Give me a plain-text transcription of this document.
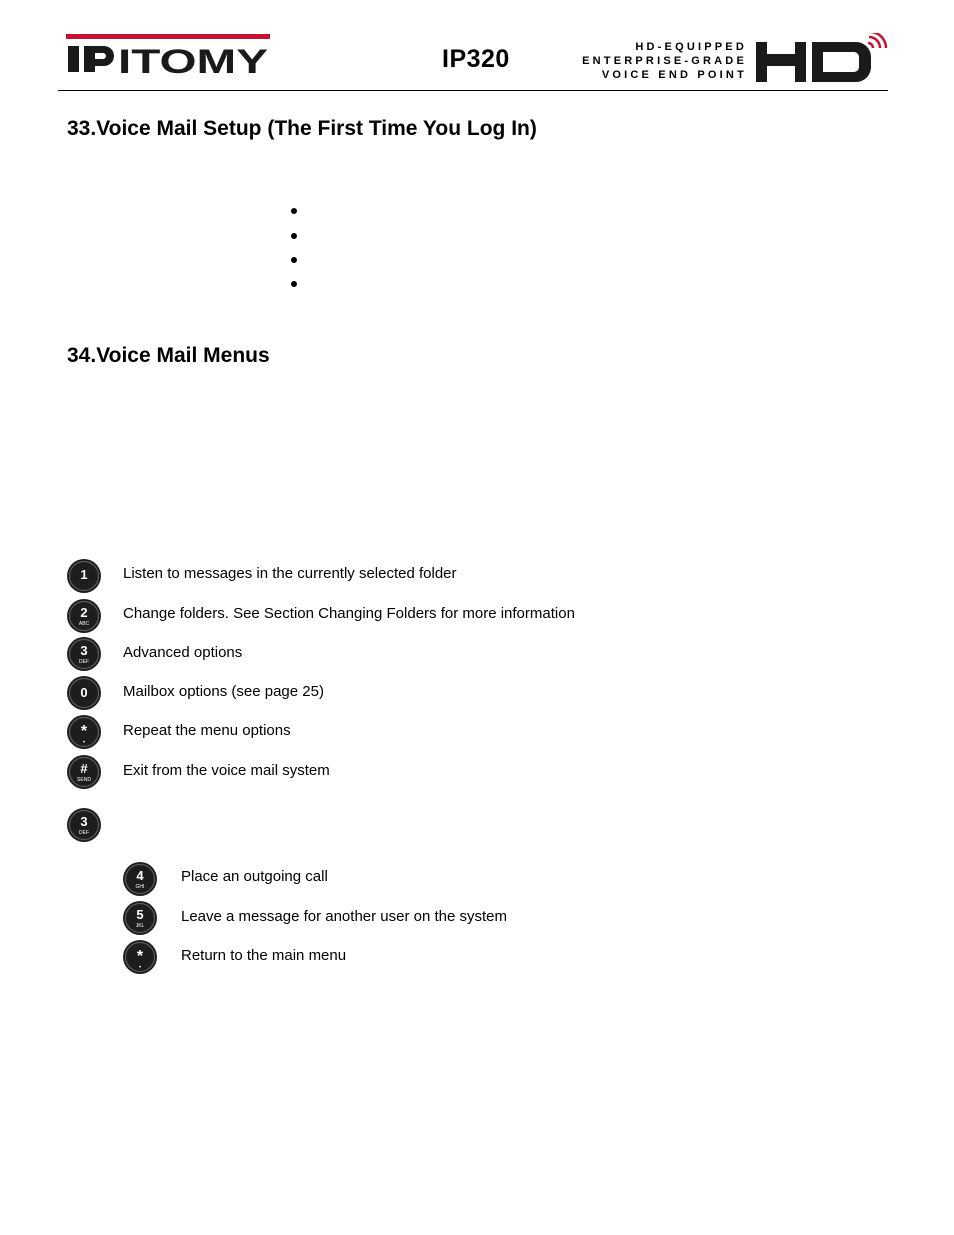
ITOMY	IP320	HD-EQUIPPED
ENTERPRISE-GRADE
VOICE END POINT
33.Voice Mail Setup (The First Time You Log In)
34.Voice Mail Menus
1 Listen to messages in the currently selected folder
2
ABC
Change folders. See Section Changing Folders for more information
3
DEF
Advanced options
0 Mailbox options (see page 25)
*
•
Repeat the menu options
#
SEND
Exit from the voice mail system
3
DEF
4
GHI
Place an outgoing call
5
JKL
Leave a message for another user on the system
*
•
Return to the main menu
